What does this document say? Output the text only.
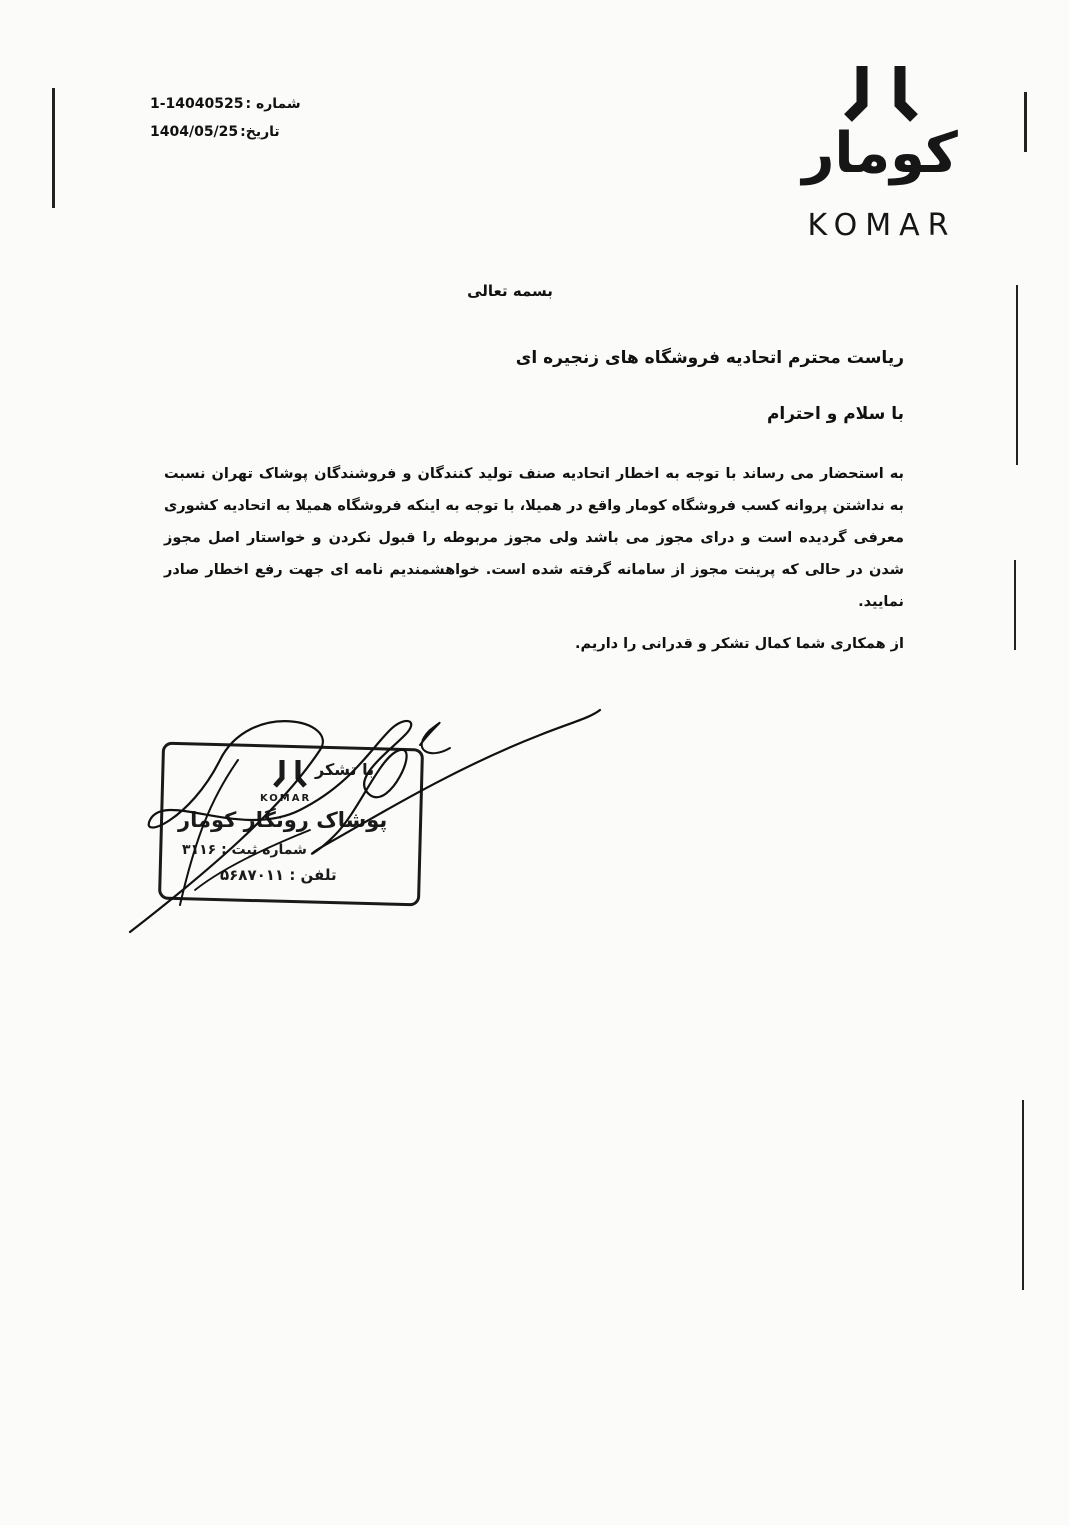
1-14040525 شماره :
1404/05/25 تاریخ:	کومار
KOMAR
بسمه تعالی
ریاست محترم اتحادیه فروشگاه های زنجیره ای
با سلام و احترام
به استحضار می رساند با توجه به اخطار اتحادیه صنف تولید کنندگان و فروشندگان پوشاک تهران نسبت به نداشتن پروانه کسب فروشگاه کومار واقع در همیلا، با توجه به اینکه فروشگاه همیلا به اتحادیه کشوری معرفی گردیده است و درای مجوز می باشد ولی مجوز مربوطه را قبول نکردن و خواستار اصل مجوز شدن در حالی که پرینت مجوز از سامانه گرفته شده است. خواهشمندیم نامه ای جهت رفع اخطار صادر نمایید.
از همکاری شما کمال تشکر و قدرانی را داریم.
با تشکر
KOMAR
پوشاک رونگار کومار
شماره ثبت : ۳۱۱۶
تلفن : ۵۶۸۷۰۱۱
